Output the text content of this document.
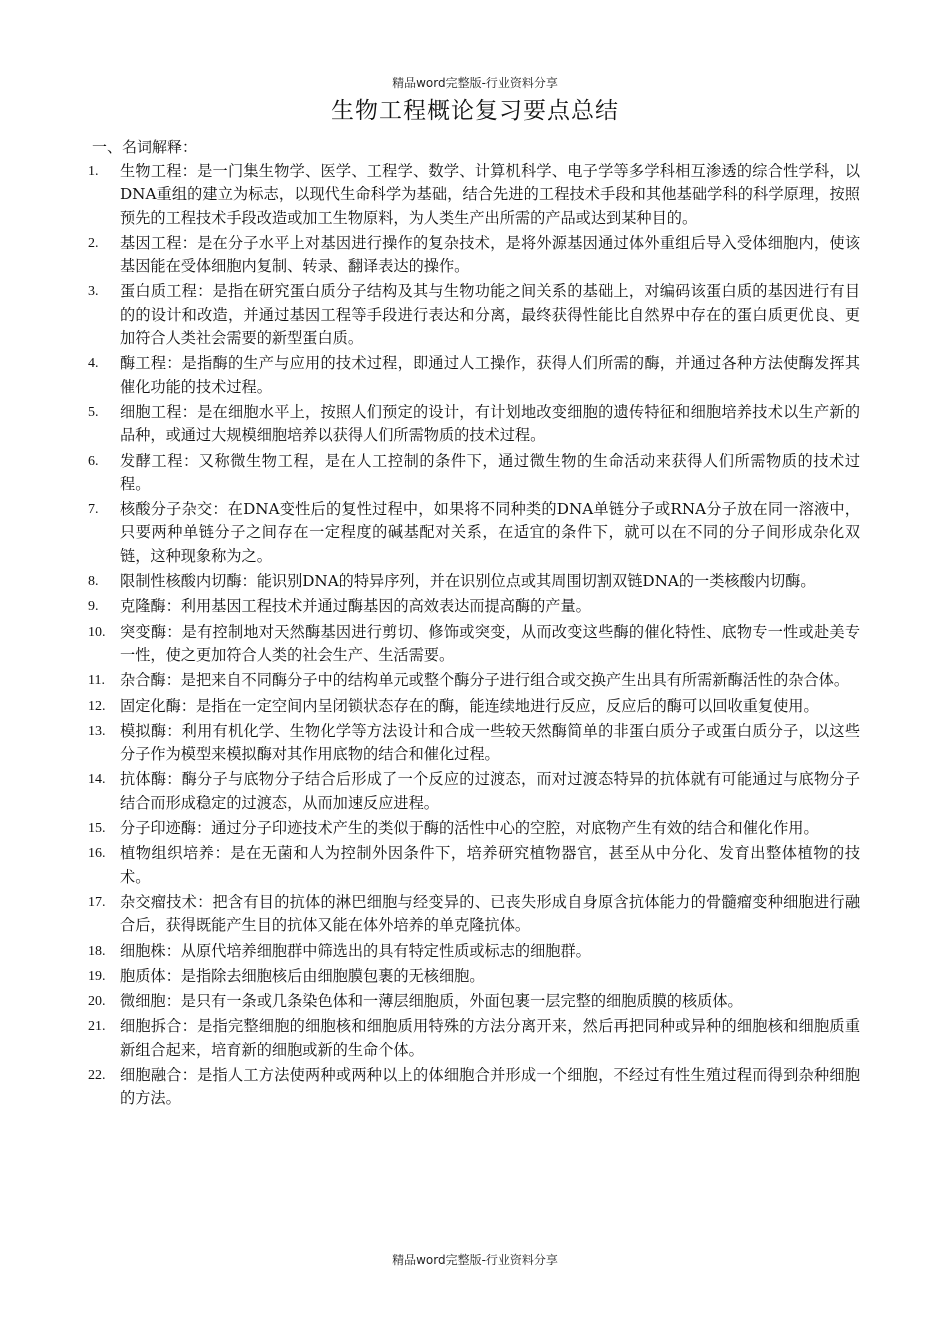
精品word完整版-行业资料分享
生物工程概论复习要点总结
一、名词解释：
1.	生物工程：是一门集生物学、医学、工程学、数学、计算机科学、电子学等多学科相互渗透的综合性学科，以DNA重组的建立为标志，以现代生命科学为基础，结合先进的工程技术手段和其他基础学科的科学原理，按照预先的工程技术手段改造或加工生物原料，为人类生产出所需的产品或达到某种目的。
2.	基因工程：是在分子水平上对基因进行操作的复杂技术，是将外源基因通过体外重组后导入受体细胞内，使该基因能在受体细胞内复制、转录、翻译表达的操作。
3.	蛋白质工程：是指在研究蛋白质分子结构及其与生物功能之间关系的基础上，对编码该蛋白质的基因进行有目的的设计和改造，并通过基因工程等手段进行表达和分离，最终获得性能比自然界中存在的蛋白质更优良、更加符合人类社会需要的新型蛋白质。
4.	酶工程：是指酶的生产与应用的技术过程，即通过人工操作，获得人们所需的酶，并通过各种方法使酶发挥其催化功能的技术过程。
5.	细胞工程：是在细胞水平上，按照人们预定的设计，有计划地改变细胞的遗传特征和细胞培养技术以生产新的品种，或通过大规模细胞培养以获得人们所需物质的技术过程。
6.	发酵工程：又称微生物工程，是在人工控制的条件下，通过微生物的生命活动来获得人们所需物质的技术过程。
7.	核酸分子杂交：在DNA变性后的复性过程中，如果将不同种类的DNA单链分子或RNA分子放在同一溶液中，只要两种单链分子之间存在一定程度的碱基配对关系，在适宜的条件下，就可以在不同的分子间形成杂化双链，这种现象称为之。
8.	限制性核酸内切酶：能识别DNA的特异序列，并在识别位点或其周围切割双链DNA的一类核酸内切酶。
9.	克隆酶：利用基因工程技术并通过酶基因的高效表达而提高酶的产量。
10. 突变酶：是有控制地对天然酶基因进行剪切、修饰或突变，从而改变这些酶的催化特性、底物专一性或赴美专一性，使之更加符合人类的社会生产、生活需要。
11. 杂合酶：是把来自不同酶分子中的结构单元或整个酶分子进行组合或交换产生出具有所需新酶活性的杂合体。
12. 固定化酶：是指在一定空间内呈闭锁状态存在的酶，能连续地进行反应，反应后的酶可以回收重复使用。
13. 模拟酶：利用有机化学、生物化学等方法设计和合成一些较天然酶简单的非蛋白质分子或蛋白质分子，以这些分子作为模型来模拟酶对其作用底物的结合和催化过程。
14. 抗体酶：酶分子与底物分子结合后形成了一个反应的过渡态，而对过渡态特异的抗体就有可能通过与底物分子结合而形成稳定的过渡态，从而加速反应进程。
15. 分子印迹酶：通过分子印迹技术产生的类似于酶的活性中心的空腔，对底物产生有效的结合和催化作用。
16. 植物组织培养：是在无菌和人为控制外因条件下，培养研究植物器官，甚至从中分化、发育出整体植物的技术。
17. 杂交瘤技术：把含有目的抗体的淋巴细胞与经变异的、已丧失形成自身原含抗体能力的骨髓瘤变种细胞进行融合后，获得既能产生目的抗体又能在体外培养的单克隆抗体。
18. 细胞株：从原代培养细胞群中筛选出的具有特定性质或标志的细胞群。
19. 胞质体：是指除去细胞核后由细胞膜包裹的无核细胞。
20. 微细胞：是只有一条或几条染色体和一薄层细胞质，外面包裹一层完整的细胞质膜的核质体。
21. 细胞拆合：是指完整细胞的细胞核和细胞质用特殊的方法分离开来，然后再把同种或异种的细胞核和细胞质重新组合起来，培育新的细胞或新的生命个体。
22. 细胞融合：是指人工方法使两种或两种以上的体细胞合并形成一个细胞，不经过有性生殖过程而得到杂种细胞的方法。
精品word完整版-行业资料分享
